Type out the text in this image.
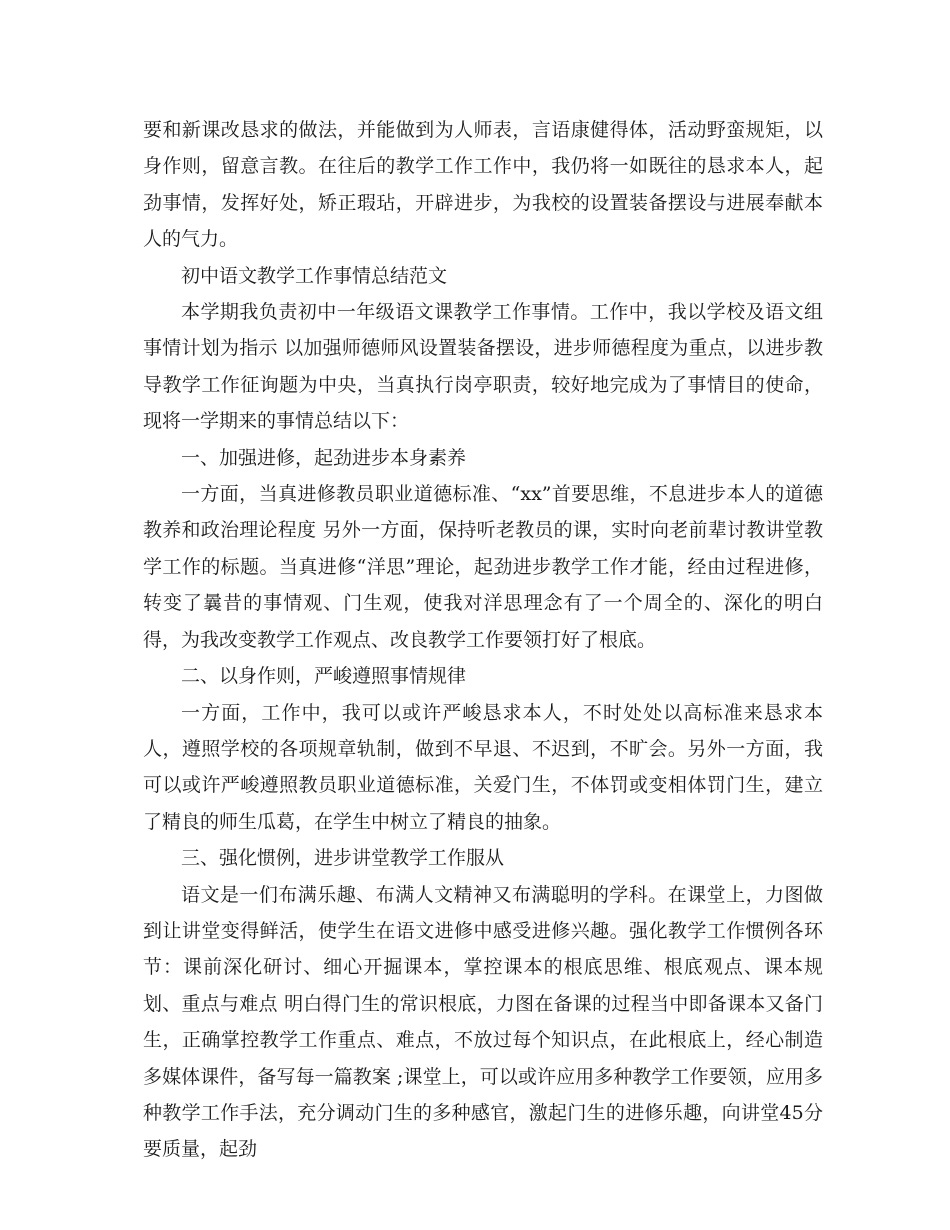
要和新课改恳求的做法，并能做到为人师表，言语康健得体，活动野蛮规矩，以身作则，留意言教。在往后的教学工作工作中，我仍将一如既往的恳求本人，起劲事情，发挥好处，矫正瑕玷，开辟进步，为我校的设置装备摆设与进展奉献本人的气力。

初中语文教学工作事情总结范文

本学期我负责初中一年级语文课教学工作事情。工作中，我以学校及语文组事情计划为指示 以加强师德师风设置装备摆设，进步师德程度为重点，以进步教导教学工作征询题为中央，当真执行岗亭职责，较好地完成为了事情目的使命，现将一学期来的事情总结以下：

一、加强进修，起劲进步本身素养

一方面，当真进修教员职业道德标准、“xx”首要思维，不息进步本人的道德教养和政治理论程度 另外一方面，保持听老教员的课，实时向老前辈讨教讲堂教学工作的标题。当真进修“洋思”理论，起劲进步教学工作才能，经由过程进修，转变了曩昔的事情观、门生观，使我对洋思理念有了一个周全的、深化的明白得，为我改变教学工作观点、改良教学工作要领打好了根底。

二、以身作则，严峻遵照事情规律

一方面，工作中，我可以或许严峻恳求本人，不时处处以高标准来恳求本人，遵照学校的各项规章轨制，做到不早退、不迟到，不旷会。另外一方面，我可以或许严峻遵照教员职业道德标准，关爱门生，不体罚或变相体罚门生，建立了精良的师生瓜葛，在学生中树立了精良的抽象。

三、强化惯例，进步讲堂教学工作服从

语文是一们布满乐趣、布满人文精神又布满聪明的学科。在课堂上，力图做到让讲堂变得鲜活，使学生在语文进修中感受进修兴趣。强化教学工作惯例各环节：课前深化研讨、细心开掘课本，掌控课本的根底思维、根底观点、课本规划、重点与难点 明白得门生的常识根底，力图在备课的过程当中即备课本又备门生，正确掌控教学工作重点、难点，不放过每个知识点，在此根底上，经心制造多媒体课件，备写每一篇教案 ;课堂上，可以或许应用多种教学工作要领，应用多种教学工作手法，充分调动门生的多种感官，激起门生的进修乐趣，向讲堂45分要质量，起劲
